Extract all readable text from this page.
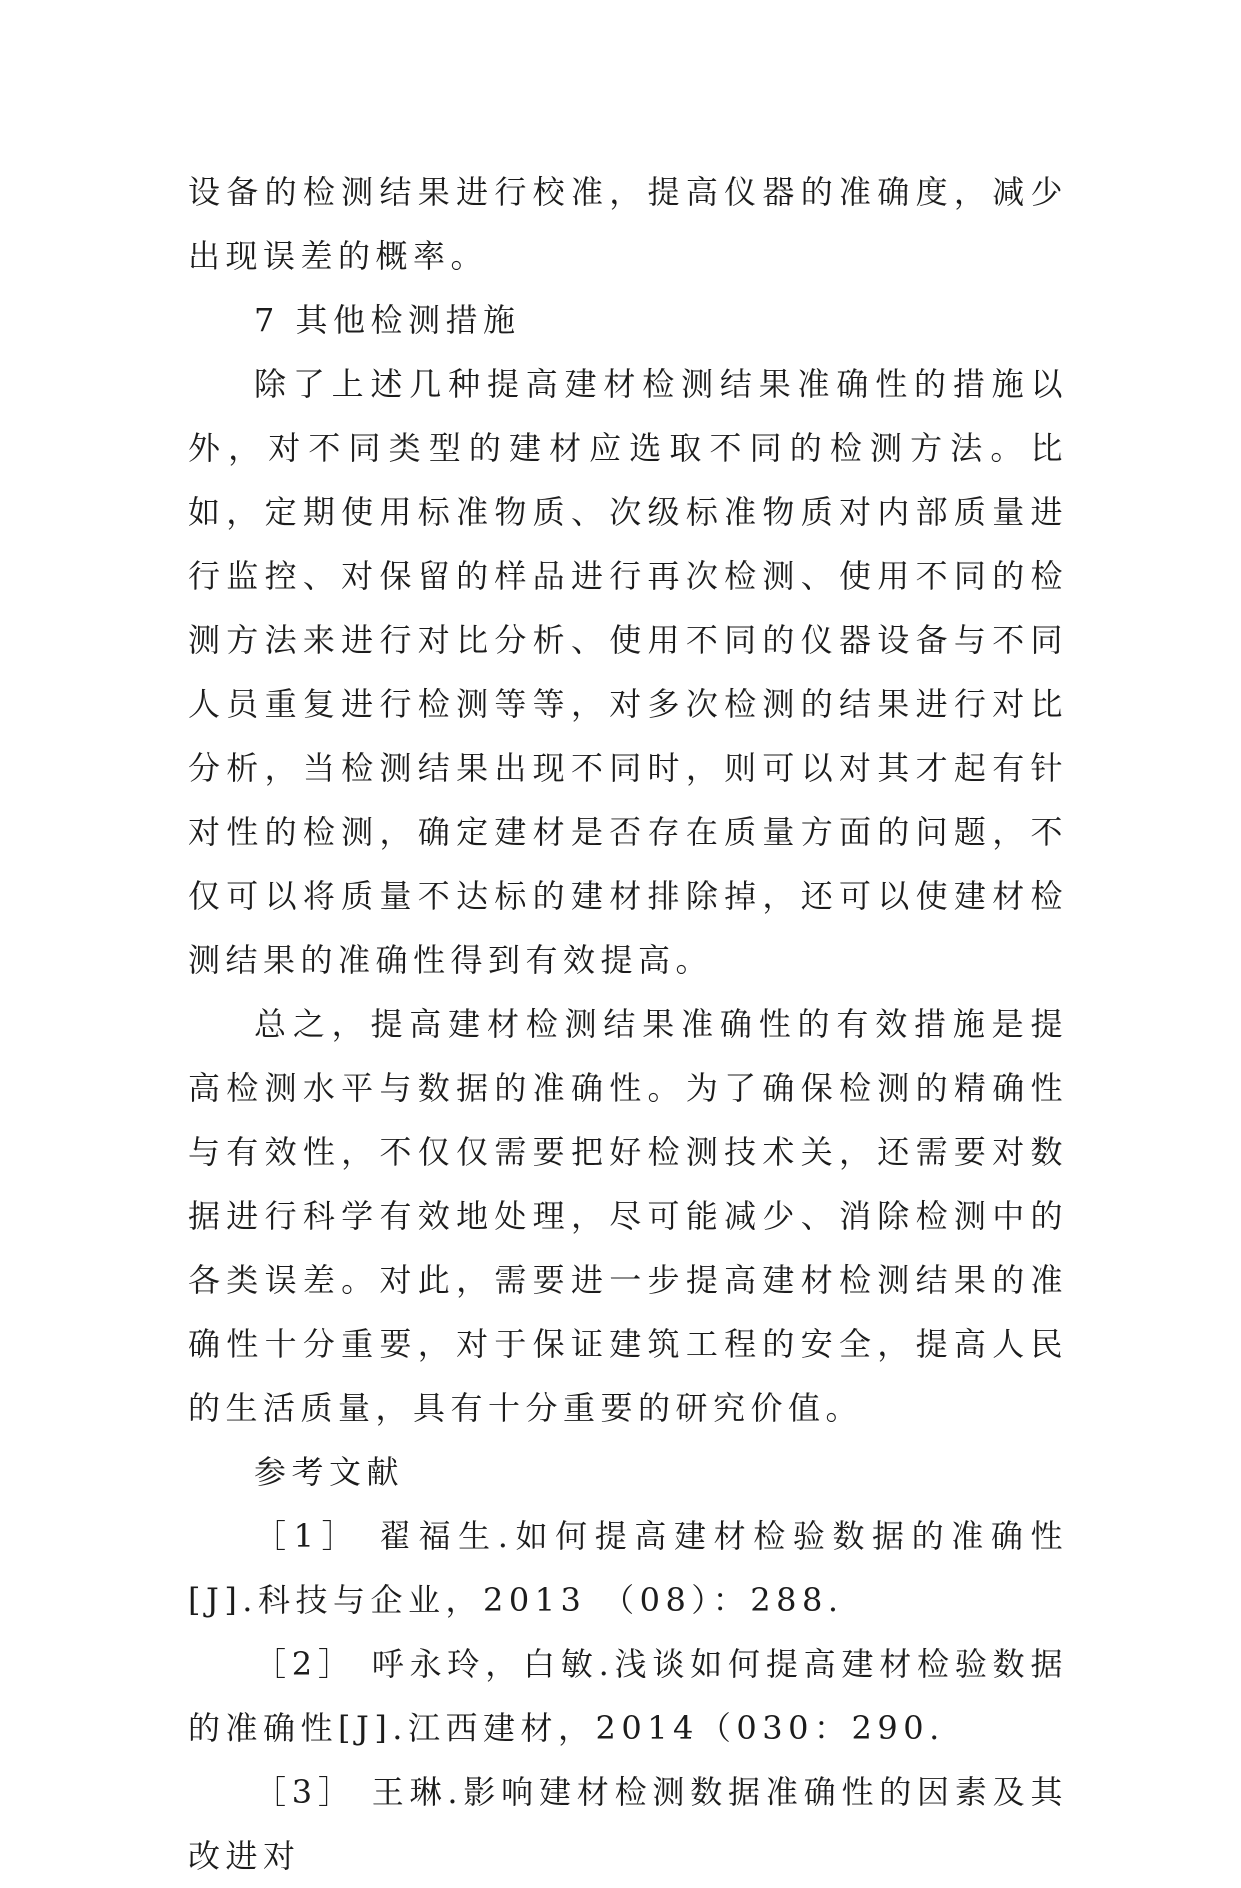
设备的检测结果进行校准，提高仪器的准确度，减少出现误差的概率。

7 其他检测措施

除了上述几种提高建材检测结果准确性的措施以外，对不同类型的建材应选取不同的检测方法。比如，定期使用标准物质、次级标准物质对内部质量进行监控、对保留的样品进行再次检测、使用不同的检测方法来进行对比分析、使用不同的仪器设备与不同人员重复进行检测等等，对多次检测的结果进行对比分析，当检测结果出现不同时，则可以对其才起有针对性的检测，确定建材是否存在质量方面的问题，不仅可以将质量不达标的建材排除掉，还可以使建材检测结果的准确性得到有效提高。

总之，提高建材检测结果准确性的有效措施是提高检测水平与数据的准确性。为了确保检测的精确性与有效性，不仅仅需要把好检测技术关，还需要对数据进行科学有效地处理，尽可能减少、消除检测中的各类误差。对此，需要进一步提高建材检测结果的准确性十分重要，对于保证建筑工程的安全，提高人民的生活质量，具有十分重要的研究价值。

参考文献

［1］ 翟福生.如何提高建材检验数据的准确性[J].科技与企业，2013 （08）：288.
［2］ 呼永玲，白敏.浅谈如何提高建材检验数据的准确性[J].江西建材，2014（030：290.
［3］ 王琳.影响建材检测数据准确性的因素及其改进对
